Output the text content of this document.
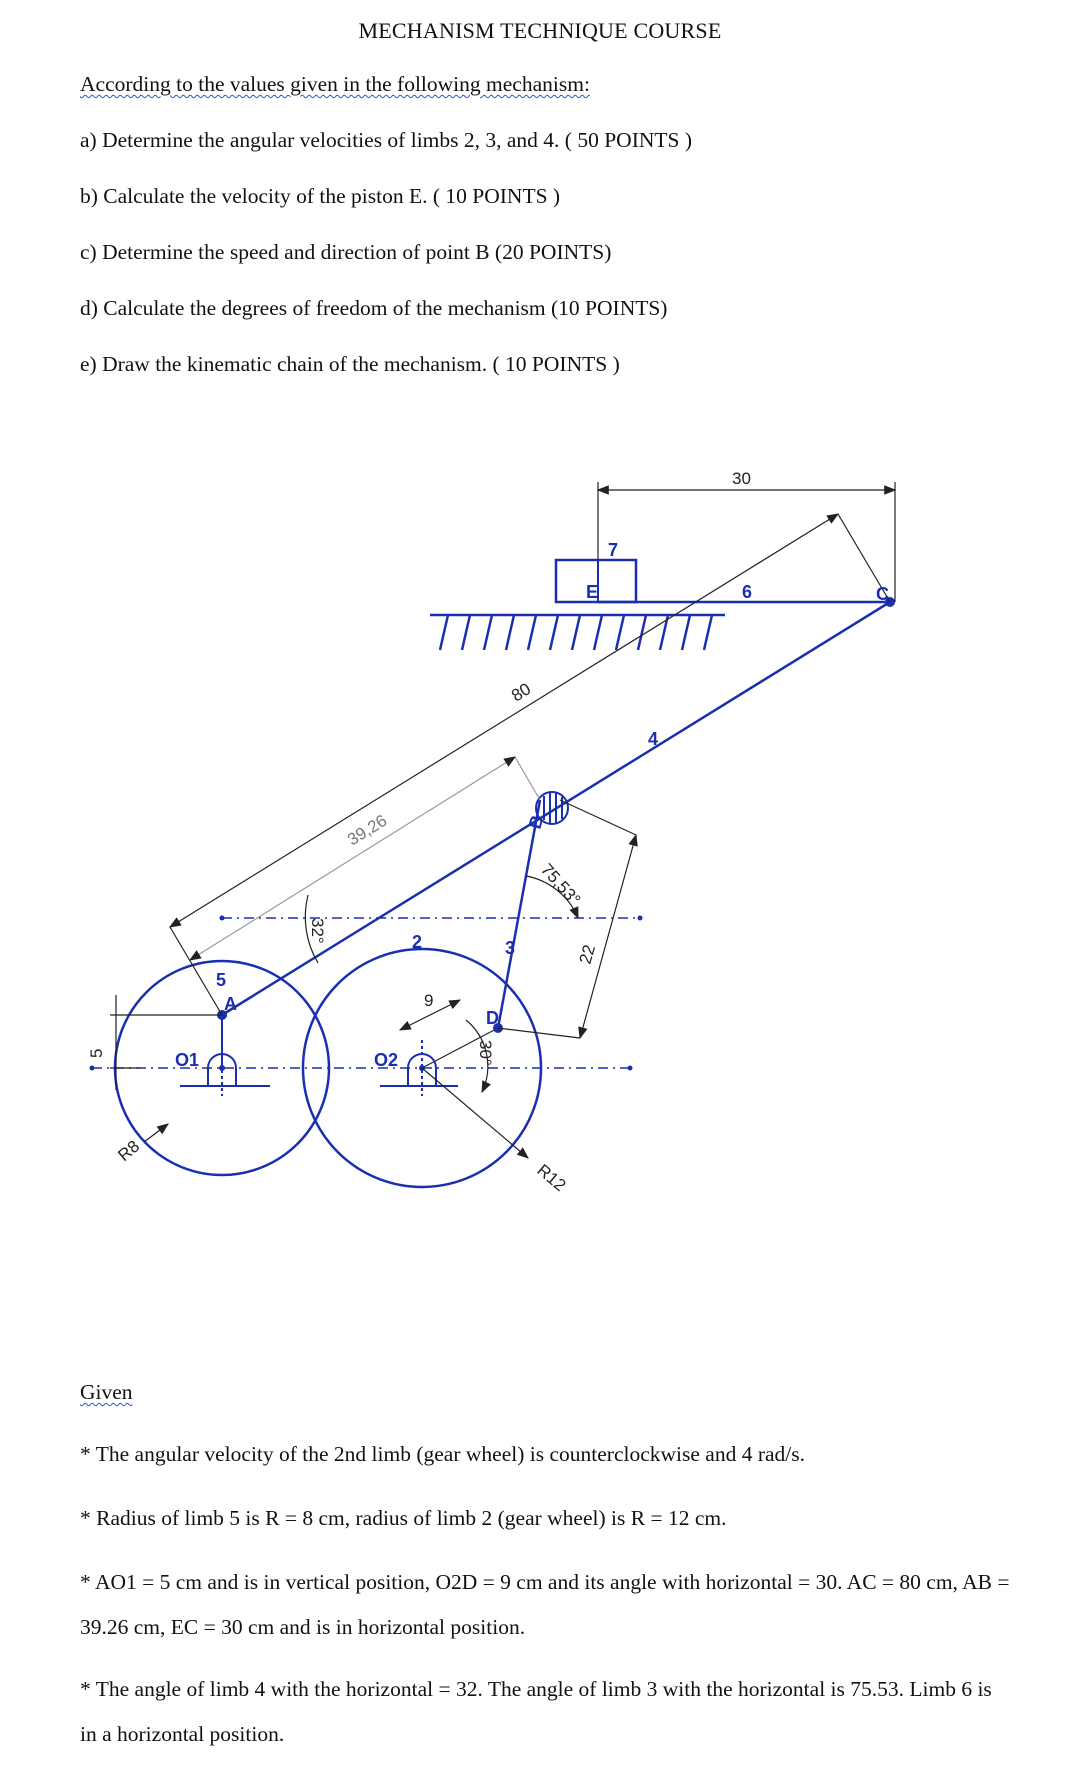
MECHANISM TECHNIQUE COURSE
According to the values given in the following mechanism:
a) Determine the angular velocities of limbs 2, 3, and 4. ( 50 POINTS )
b) Calculate the velocity of the piston E. ( 10 POINTS )
c) Determine the speed and direction of point B (20 POINTS)
d) Calculate the degrees of freedom of the mechanism (10 POINTS)
e) Draw the kinematic chain of the mechanism. ( 10 POINTS )
30
80
39,26
22
75,53°
32°
9
30°
5
R8
R12
O1	O2
A
B
C
D
E
2	3
4
5
6
7
Given
* The angular velocity of the 2nd limb (gear wheel) is counterclockwise and 4 rad/s.
* Radius of limb 5 is R = 8 cm, radius of limb 2 (gear wheel) is R = 12 cm.
* AO1 = 5 cm and is in vertical position, O2D = 9 cm and its angle with horizontal = 30. AC = 80 cm, AB = 39.26 cm, EC = 30 cm and is in horizontal position.
* The angle of limb 4 with the horizontal = 32. The angle of limb 3 with the horizontal is 75.53. Limb 6 is in a horizontal position.
